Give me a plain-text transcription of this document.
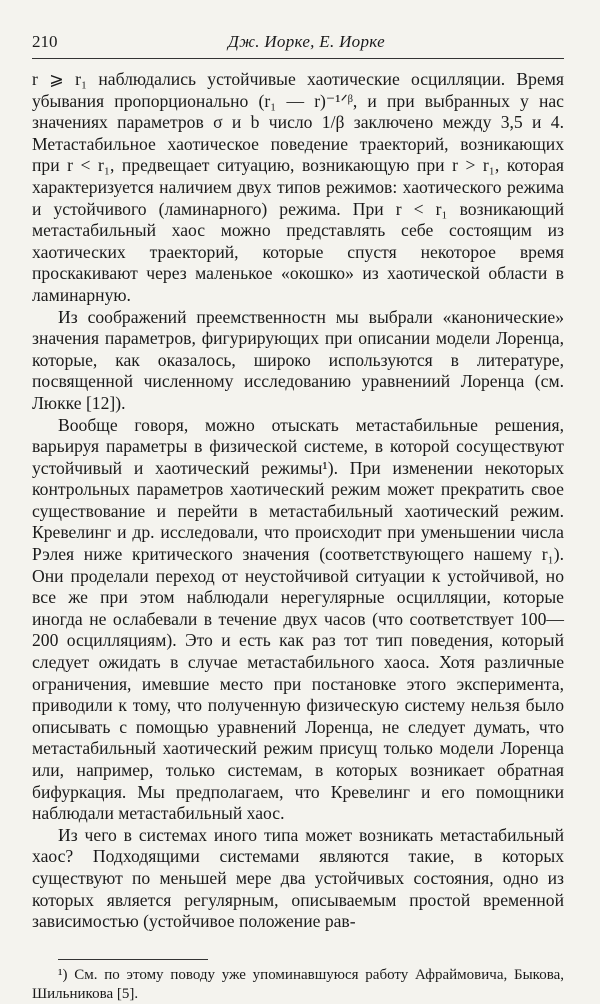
210	Дж. Иорке, Е. Иорке

r ⩾ r₁ наблюдались устойчивые хаотические осцилляции. Время убывания пропорционально (r₁ — r)⁻¹ᐟᵝ, и при выбранных у нас значениях параметров σ и b число 1/β заключено между 3,5 и 4. Метастабильное хаотическое поведение траекторий, возникающих при r < r₁, предвещает ситуацию, возникающую при r > r₁, которая характеризуется наличием двух типов режимов: хаотического режима и устойчивого (ламинарного) режима. При r < r₁ возникающий метастабильный хаос можно представлять себе состоящим из хаотических траекторий, которые спустя некоторое время проскакивают через маленькое «окошко» из хаотической области в ламинарную.

Из соображений преемственностн мы выбрали «канонические» значения параметров, фигурирующих при описании модели Лоренца, которые, как оказалось, широко используются в литературе, посвященной численному исследованию уравнениий Лоренца (см. Люкке [12]).

Вообще говоря, можно отыскать метастабильные решения, варьируя параметры в физической системе, в которой сосуществуют устойчивый и хаотический режимы¹). При изменении некоторых контрольных параметров хаотический режим может прекратить свое существование и перейти в метастабильный хаотический режим. Кревелинг и др. исследовали, что происходит при уменьшении числа Рэлея ниже критического значения (соответствующего нашему r₁). Они проделали переход от неустойчивой ситуации к устойчивой, но все же при этом наблюдали нерегулярные осцилляции, которые иногда не ослабевали в течение двух часов (что соответствует 100—200 осцилляциям). Это и есть как раз тот тип поведения, который следует ожидать в случае метастабильного хаоса. Хотя различные ограничения, имевшие место при постановке этого эксперимента, приводили к тому, что полученную физическую систему нельзя было описывать с помощью уравнений Лоренца, не следует думать, что метастабильный хаотический режим присущ только модели Лоренца или, например, только системам, в которых возникает обратная бифуркация. Мы предполагаем, что Кревелинг и его помощники наблюдали метастабильный хаос.

Из чего в системах иного типа может возникать метастабильный хаос? Подходящими системами являются такие, в которых существуют по меньшей мере два устойчивых состояния, одно из которых является регулярным, описываемым простой временной зависимостью (устойчивое положение рав-

¹) См. по этому поводу уже упоминавшуюся работу Афраймовича, Быкова, Шильникова [5].
